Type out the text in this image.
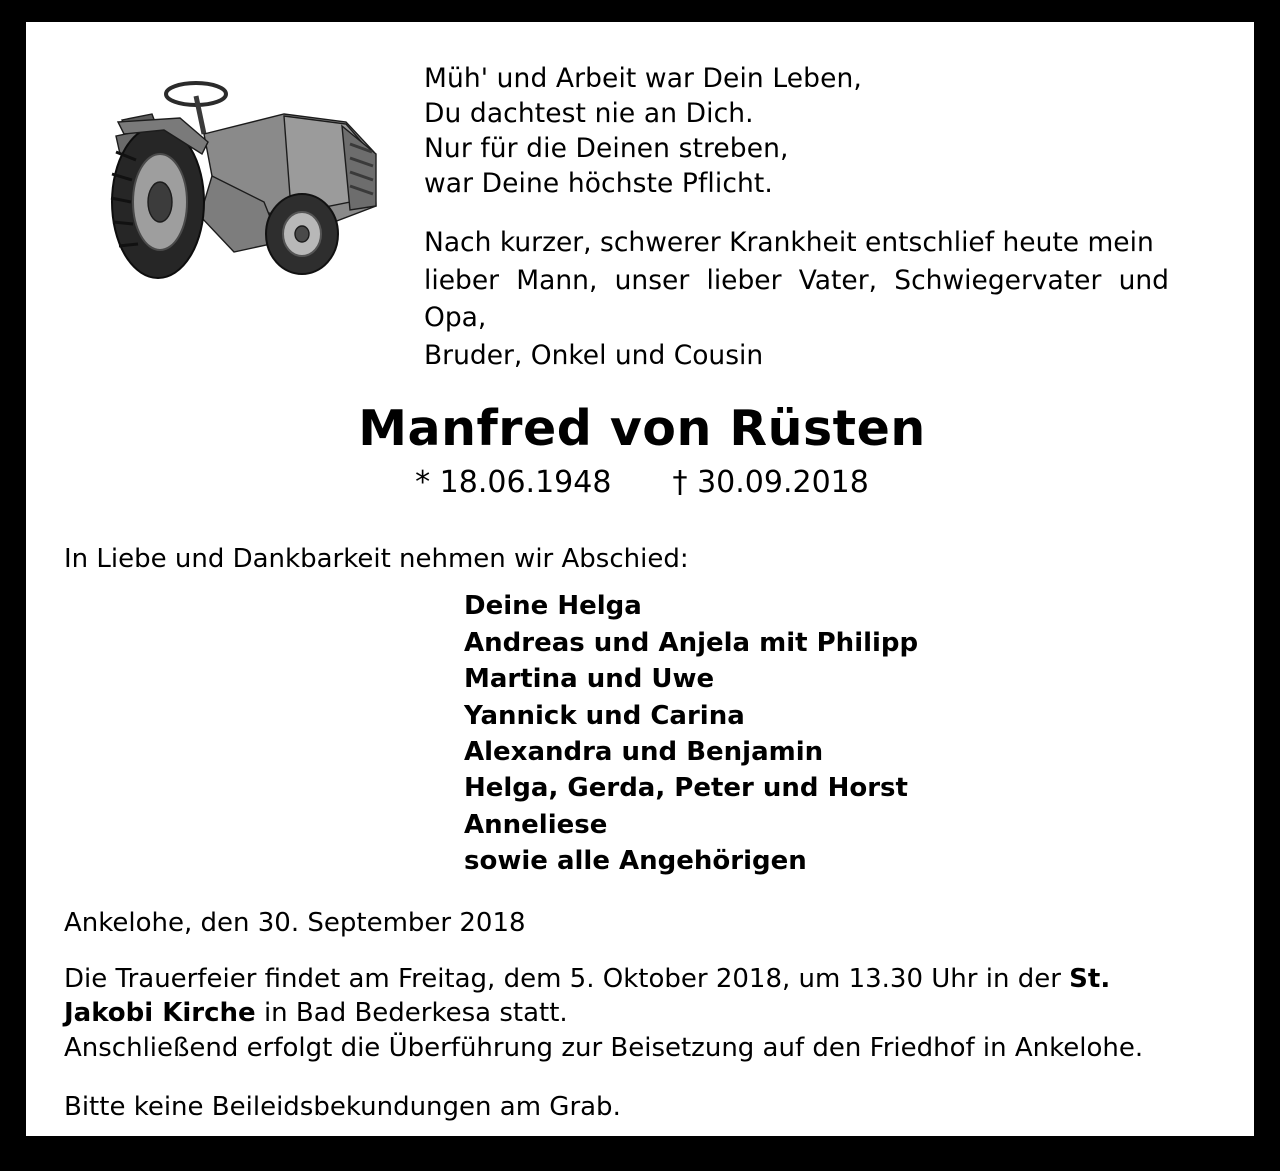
Müh' und Arbeit war Dein Leben,
Du dachtest nie an Dich.
Nur für die Deinen streben,
war Deine höchste Pflicht.
Nach kurzer, schwerer Krankheit entschlief heute mein
lieber Mann, unser lieber Vater, Schwiegervater und Opa,
Bruder, Onkel und Cousin
Manfred von Rüsten
* 18.06.1948 † 30.09.2018
In Liebe und Dankbarkeit nehmen wir Abschied:
Deine Helga
Andreas und Anjela mit Philipp
Martina und Uwe
Yannick und Carina
Alexandra und Benjamin
Helga, Gerda, Peter und Horst
Anneliese
sowie alle Angehörigen
Ankelohe, den 30. September 2018
Die Trauerfeier findet am Freitag, dem 5. Oktober 2018, um 13.30 Uhr in der St. Jakobi Kirche in Bad Bederkesa statt.
Anschließend erfolgt die Überführung zur Beisetzung auf den Friedhof in Ankelohe.
Bitte keine Beileidsbekundungen am Grab.
Bestattungsinstitut Gosda, Geestland☏0 4745 / 70 81
